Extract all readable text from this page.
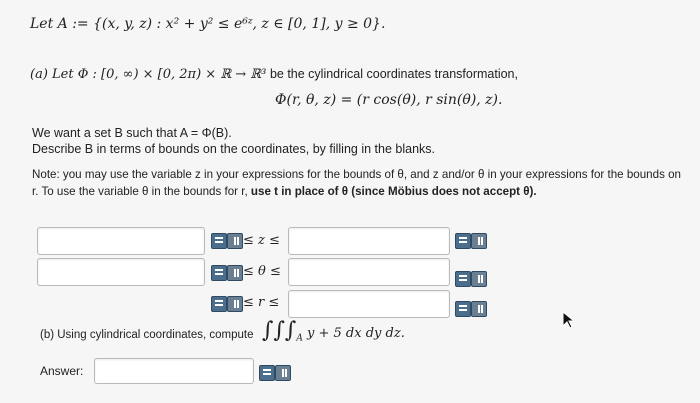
Let A := {(x, y, z) : x² + y² ≤ e⁶ᶻ, z ∈ [0, 1], y ≥ 0}.
(a) Let Φ : [0, ∞) × [0, 2π) × ℝ → ℝ³ be the cylindrical coordinates transformation,
Φ(r, θ, z) = (r cos(θ), r sin(θ), z).
We want a set B such that A = Φ(B).
Describe B in terms of bounds on the coordinates, by filling in the blanks.
Note: you may use the variable z in your expressions for the bounds of θ, and z and/or θ in your expressions for the bounds on
r. To use the variable θ in the bounds for r, use t in place of θ (since Möbius does not accept θ).
≤ z ≤
≤ θ ≤
≤ r ≤
(b) Using cylindrical coordinates, compute $\int\int\int_A$ y + 5 dx dy dz.
Answer:
